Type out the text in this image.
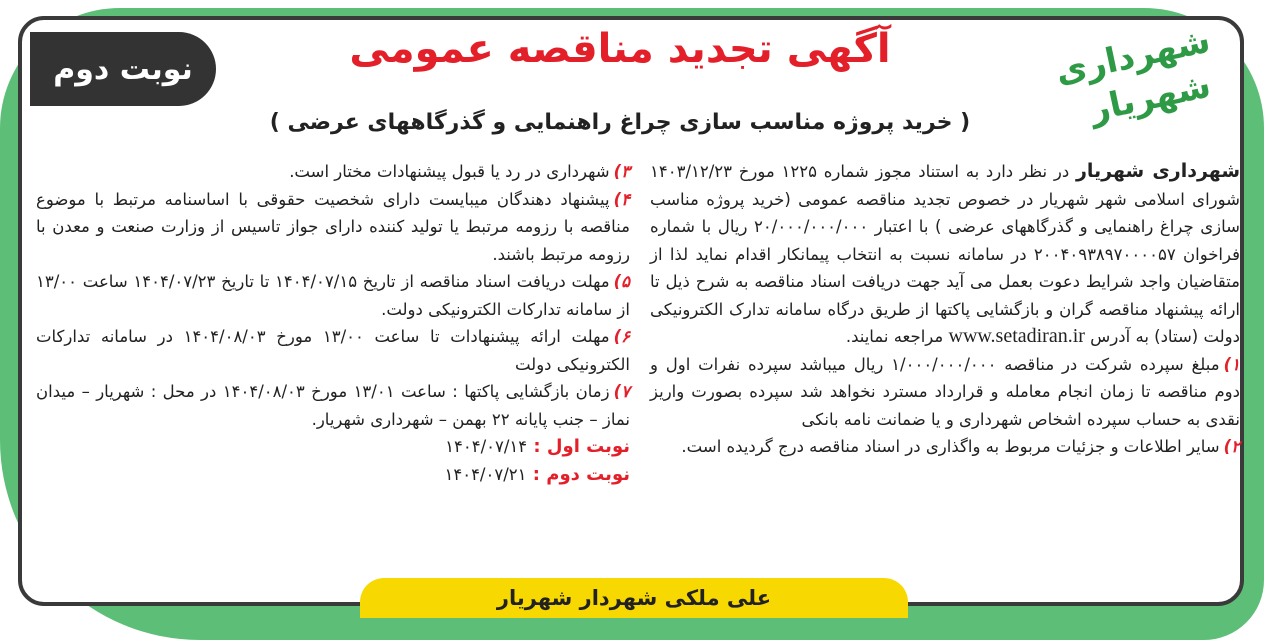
شهرداری شهریار
آگهی تجدید مناقصه عمومی
( خرید پروژه مناسب سازی چراغ راهنمایی و گذرگاههای عرضی )
نوبت دوم

شهرداری شهریار در نظر دارد به استناد مجوز شماره ۱۲۲۵ مورخ ۱۴۰۳/۱۲/۲۳ شورای اسلامی شهر شهریار در خصوص تجدید مناقصه عمومی (خرید پروژه مناسب سازی چراغ راهنمایی و گذرگاههای عرضی ) با اعتبار ۲۰/۰۰۰/۰۰۰/۰۰۰ ریال با شماره فراخوان ۲۰۰۴۰۹۳۸۹۷۰۰۰۰۵۷ در سامانه نسبت به انتخاب پیمانکار اقدام نماید لذا از متقاضیان واجد شرایط دعوت بعمل می آید جهت دریافت اسناد مناقصه به شرح ذیل تا ارائه پیشنهاد مناقصه گران و بازگشایی پاکتها از طریق درگاه سامانه تدارک الکترونیکی دولت (ستاد) به آدرس www.setadiran.ir مراجعه نمایند.

۱)مبلغ سپرده شرکت در مناقصه ۱/۰۰۰/۰۰۰/۰۰۰ ریال میباشد سپرده نفرات اول و دوم مناقصه تا زمان انجام معامله و قرارداد مسترد نخواهد شد سپرده بصورت واریز نقدی به حساب سپرده اشخاص شهرداری و یا ضمانت نامه بانکی

۲)سایر اطلاعات و جزئیات مربوط به واگذاری در اسناد مناقصه درج گردیده است.

۳)شهرداری در رد یا قبول پیشنهادات مختار است.

۴)پیشنهاد دهندگان میبایست دارای شخصیت حقوقی با اساسنامه مرتبط با موضوع مناقصه با رزومه مرتبط یا تولید کننده دارای جواز تاسیس از وزارت صنعت و معدن با رزومه مرتبط باشند.

۵)مهلت دریافت اسناد مناقصه از تاریخ ۱۴۰۴/۰۷/۱۵ تا تاریخ ۱۴۰۴/۰۷/۲۳ ساعت ۱۳/۰۰ از سامانه تدارکات الکترونیکی دولت.

۶)مهلت ارائه پیشنهادات تا ساعت ۱۳/۰۰ مورخ ۱۴۰۴/۰۸/۰۳ در سامانه تدارکات الکترونیکی دولت

۷)زمان بازگشایی پاکتها : ساعت ۱۳/۰۱ مورخ ۱۴۰۴/۰۸/۰۳ در محل : شهریار – میدان نماز – جنب پایانه ۲۲ بهمن – شهرداری شهریار.

نوبت اول : ۱۴۰۴/۰۷/۱۴

نوبت دوم : ۱۴۰۴/۰۷/۲۱

علی ملکی شهردار شهریار
